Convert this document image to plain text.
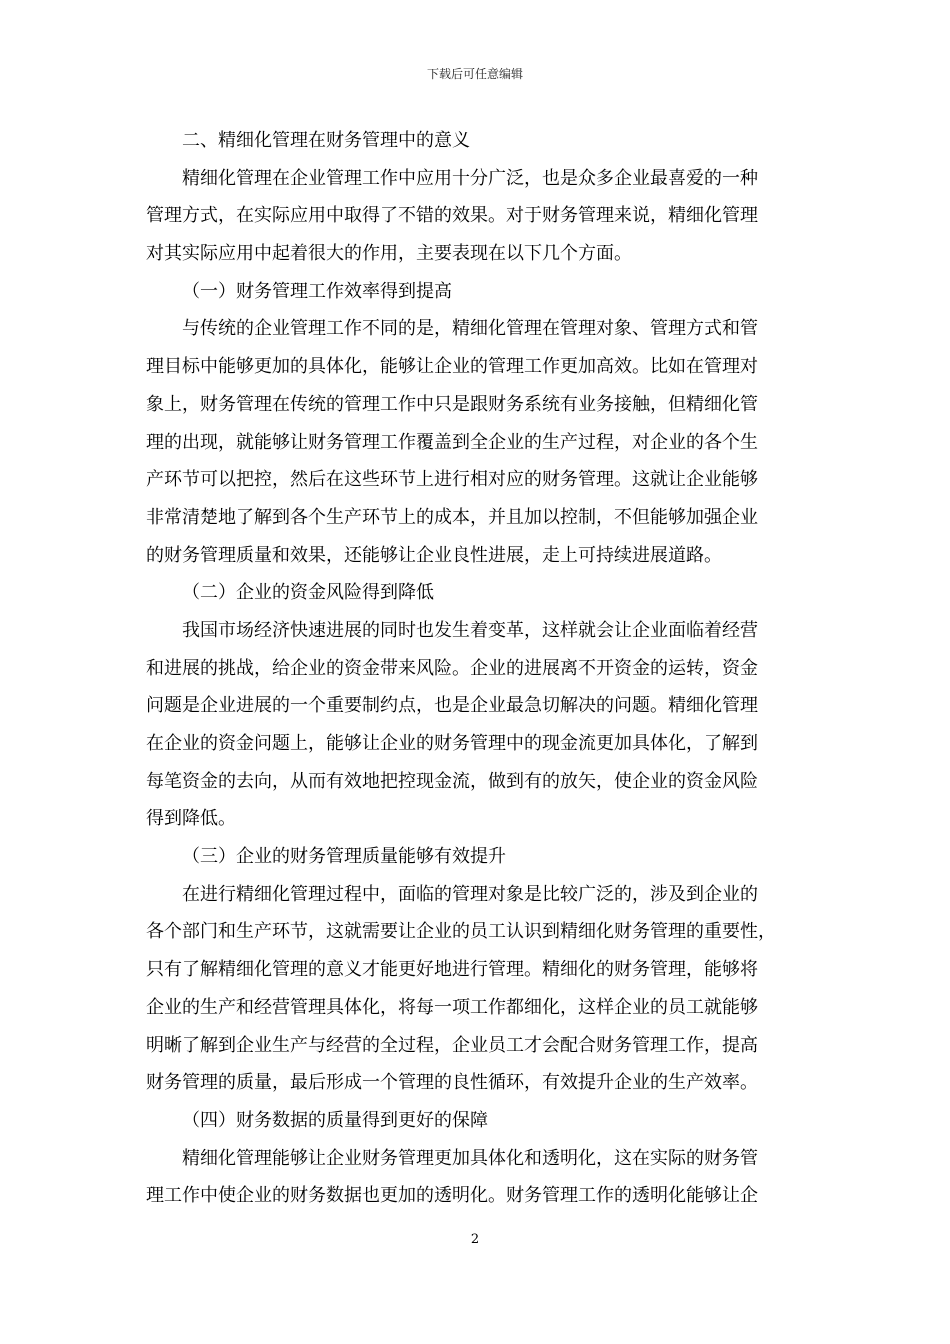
下载后可任意编辑
二、精细化管理在财务管理中的意义
精细化管理在企业管理工作中应用十分广泛，也是众多企业最喜爱的一种
管理方式，在实际应用中取得了不错的效果。对于财务管理来说，精细化管理
对其实际应用中起着很大的作用，主要表现在以下几个方面。
（一）财务管理工作效率得到提高
与传统的企业管理工作不同的是，精细化管理在管理对象、管理方式和管
理目标中能够更加的具体化，能够让企业的管理工作更加高效。比如在管理对
象上，财务管理在传统的管理工作中只是跟财务系统有业务接触，但精细化管
理的出现，就能够让财务管理工作覆盖到全企业的生产过程，对企业的各个生
产环节可以把控，然后在这些环节上进行相对应的财务管理。这就让企业能够
非常清楚地了解到各个生产环节上的成本，并且加以控制，不但能够加强企业
的财务管理质量和效果，还能够让企业良性进展，走上可持续进展道路。
（二）企业的资金风险得到降低
我国市场经济快速进展的同时也发生着变革，这样就会让企业面临着经营
和进展的挑战，给企业的资金带来风险。企业的进展离不开资金的运转，资金
问题是企业进展的一个重要制约点，也是企业最急切解决的问题。精细化管理
在企业的资金问题上，能够让企业的财务管理中的现金流更加具体化，了解到
每笔资金的去向，从而有效地把控现金流，做到有的放矢，使企业的资金风险
得到降低。
（三）企业的财务管理质量能够有效提升
在进行精细化管理过程中，面临的管理对象是比较广泛的，涉及到企业的
各个部门和生产环节，这就需要让企业的员工认识到精细化财务管理的重要性，
只有了解精细化管理的意义才能更好地进行管理。精细化的财务管理，能够将
企业的生产和经营管理具体化，将每一项工作都细化，这样企业的员工就能够
明晰了解到企业生产与经营的全过程，企业员工才会配合财务管理工作，提高
财务管理的质量，最后形成一个管理的良性循环，有效提升企业的生产效率。
（四）财务数据的质量得到更好的保障
精细化管理能够让企业财务管理更加具体化和透明化，这在实际的财务管
理工作中使企业的财务数据也更加的透明化。财务管理工作的透明化能够让企
2
